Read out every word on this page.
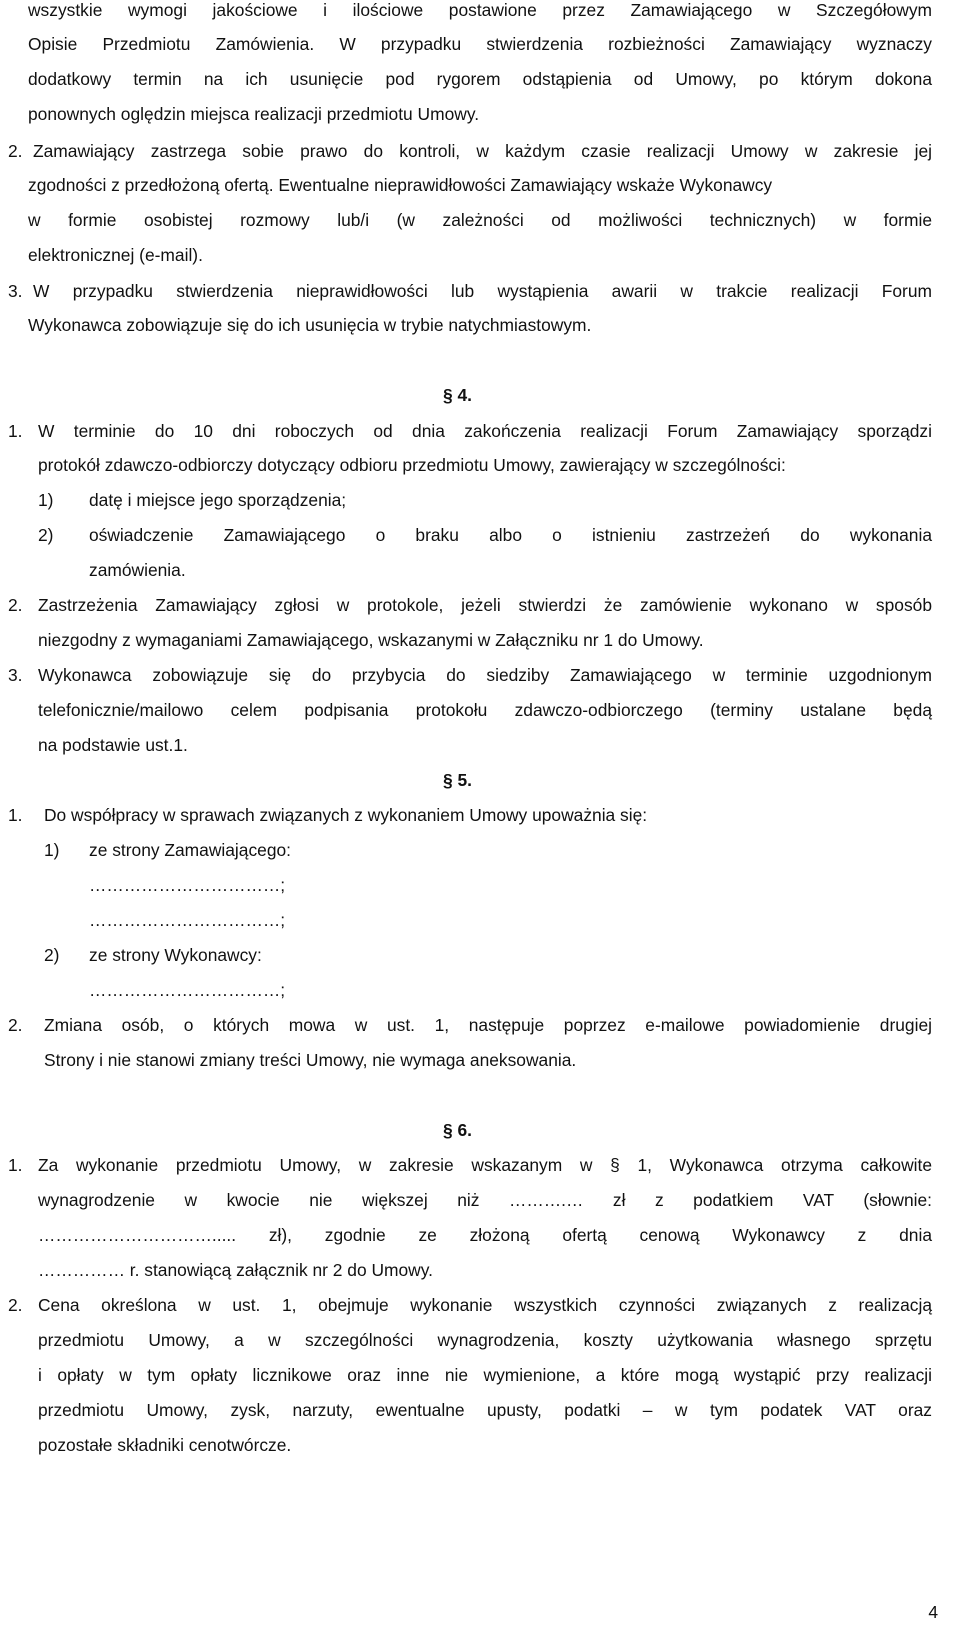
wszystkie wymogi jakościowe i ilościowe postawione przez Zamawiającego w Szczegółowym
Opisie Przedmiotu Zamówienia. W przypadku stwierdzenia rozbieżności Zamawiający wyznaczy
dodatkowy termin na ich usunięcie pod rygorem odstąpienia od Umowy, po którym dokona
ponownych oględzin miejsca realizacji przedmiotu Umowy.
2. Zamawiający zastrzega sobie prawo do kontroli, w każdym czasie realizacji Umowy w zakresie jej
zgodności z przedłożoną ofertą. Ewentualne nieprawidłowości Zamawiający wskaże Wykonawcy
w formie osobistej rozmowy lub/i (w zależności od możliwości technicznych) w formie
elektronicznej (e-mail).
3. W przypadku stwierdzenia nieprawidłowości lub wystąpienia awarii w trakcie realizacji Forum
Wykonawca zobowiązuje się do ich usunięcia w trybie natychmiastowym.
§ 4.
1. W terminie do 10 dni roboczych od dnia zakończenia realizacji Forum Zamawiający sporządzi
protokół zdawczo-odbiorczy dotyczący odbioru przedmiotu Umowy, zawierający w szczególności:
1) datę i miejsce jego sporządzenia;
2) oświadczenie Zamawiającego o braku albo o istnieniu zastrzeżeń do wykonania
zamówienia.
2. Zastrzeżenia Zamawiający zgłosi w protokole, jeżeli stwierdzi że zamówienie wykonano w sposób
niezgodny z wymaganiami Zamawiającego, wskazanymi w Załączniku nr 1 do Umowy.
3. Wykonawca zobowiązuje się do przybycia do siedziby Zamawiającego w terminie uzgodnionym
telefonicznie/mailowo celem podpisania protokołu zdawczo-odbiorczego (terminy ustalane będą
na podstawie ust.1.
§ 5.
1. Do współpracy w sprawach związanych z wykonaniem Umowy upoważnia się:
1) ze strony Zamawiającego:
……………………………;
……………………………;
2) ze strony Wykonawcy:
……………………………;
2. Zmiana osób, o których mowa w ust. 1, następuje poprzez e-mailowe powiadomienie drugiej
Strony i nie stanowi zmiany treści Umowy, nie wymaga aneksowania.
§ 6.
1. Za wykonanie przedmiotu Umowy, w zakresie wskazanym w § 1, Wykonawca otrzyma całkowite
wynagrodzenie w kwocie nie większej niż ……….… zł z podatkiem VAT (słownie:
…………………………..... zł), zgodnie ze złożoną ofertą cenową Wykonawcy z dnia
…………… r. stanowiącą załącznik nr 2 do Umowy.
2. Cena określona w ust. 1, obejmuje wykonanie wszystkich czynności związanych z realizacją
przedmiotu Umowy, a w szczególności wynagrodzenia, koszty użytkowania własnego sprzętu
i opłaty w tym opłaty licznikowe oraz inne nie wymienione, a które mogą wystąpić przy realizacji
przedmiotu Umowy, zysk, narzuty, ewentualne upusty, podatki – w tym podatek VAT oraz
pozostałe składniki cenotwórcze.
4
